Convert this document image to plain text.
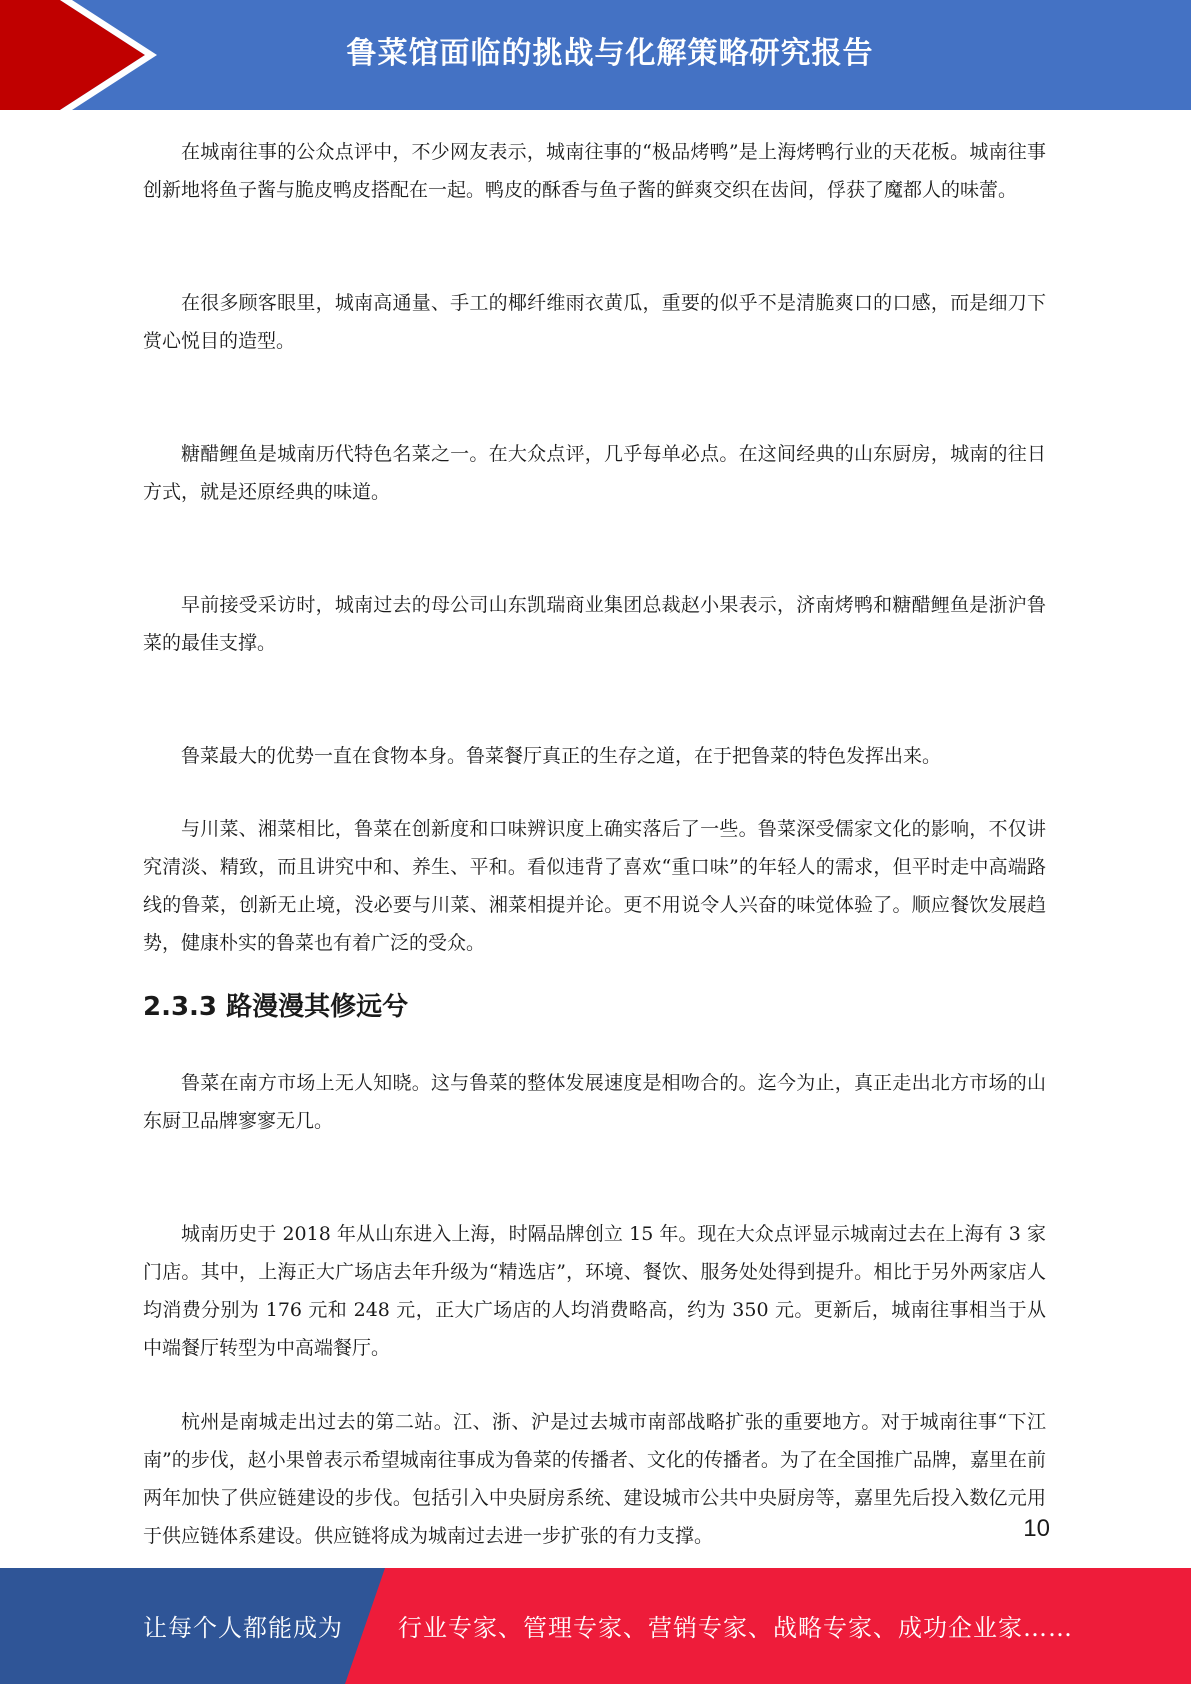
鲁菜馆面临的挑战与化解策略研究报告

在城南往事的公众点评中，不少网友表示，城南往事的“极品烤鸭”是上海烤鸭行业的天花板。城南往事创新地将鱼子酱与脆皮鸭皮搭配在一起。鸭皮的酥香与鱼子酱的鲜爽交织在齿间，俘获了魔都人的味蕾。

在很多顾客眼里，城南高通量、手工的椰纤维雨衣黄瓜，重要的似乎不是清脆爽口的口感，而是细刀下赏心悦目的造型。

糖醋鲤鱼是城南历代特色名菜之一。在大众点评，几乎每单必点。在这间经典的山东厨房，城南的往日方式，就是还原经典的味道。

早前接受采访时，城南过去的母公司山东凯瑞商业集团总裁赵小果表示，济南烤鸭和糖醋鲤鱼是浙沪鲁菜的最佳支撑。

鲁菜最大的优势一直在食物本身。鲁菜餐厅真正的生存之道，在于把鲁菜的特色发挥出来。

与川菜、湘菜相比，鲁菜在创新度和口味辨识度上确实落后了一些。鲁菜深受儒家文化的影响，不仅讲究清淡、精致，而且讲究中和、养生、平和。看似违背了喜欢“重口味”的年轻人的需求，但平时走中高端路线的鲁菜，创新无止境，没必要与川菜、湘菜相提并论。更不用说令人兴奋的味觉体验了。顺应餐饮发展趋势，健康朴实的鲁菜也有着广泛的受众。

2.3.3 路漫漫其修远兮

鲁菜在南方市场上无人知晓。这与鲁菜的整体发展速度是相吻合的。迄今为止，真正走出北方市场的山东厨卫品牌寥寥无几。

城南历史于 2018 年从山东进入上海，时隔品牌创立 15 年。现在大众点评显示城南过去在上海有 3 家门店。其中，上海正大广场店去年升级为“精选店”，环境、餐饮、服务处处得到提升。相比于另外两家店人均消费分别为 176 元和 248 元，正大广场店的人均消费略高，约为 350 元。更新后，城南往事相当于从中端餐厅转型为中高端餐厅。

杭州是南城走出过去的第二站。江、浙、沪是过去城市南部战略扩张的重要地方。对于城南往事“下江南”的步伐，赵小果曾表示希望城南往事成为鲁菜的传播者、文化的传播者。为了在全国推广品牌，嘉里在前两年加快了供应链建设的步伐。包括引入中央厨房系统、建设城市公共中央厨房等，嘉里先后投入数亿元用于供应链体系建设。供应链将成为城南过去进一步扩张的有力支撑。	10
让每个人都能成为 行业专家、管理专家、营销专家、战略专家、成功企业家……
